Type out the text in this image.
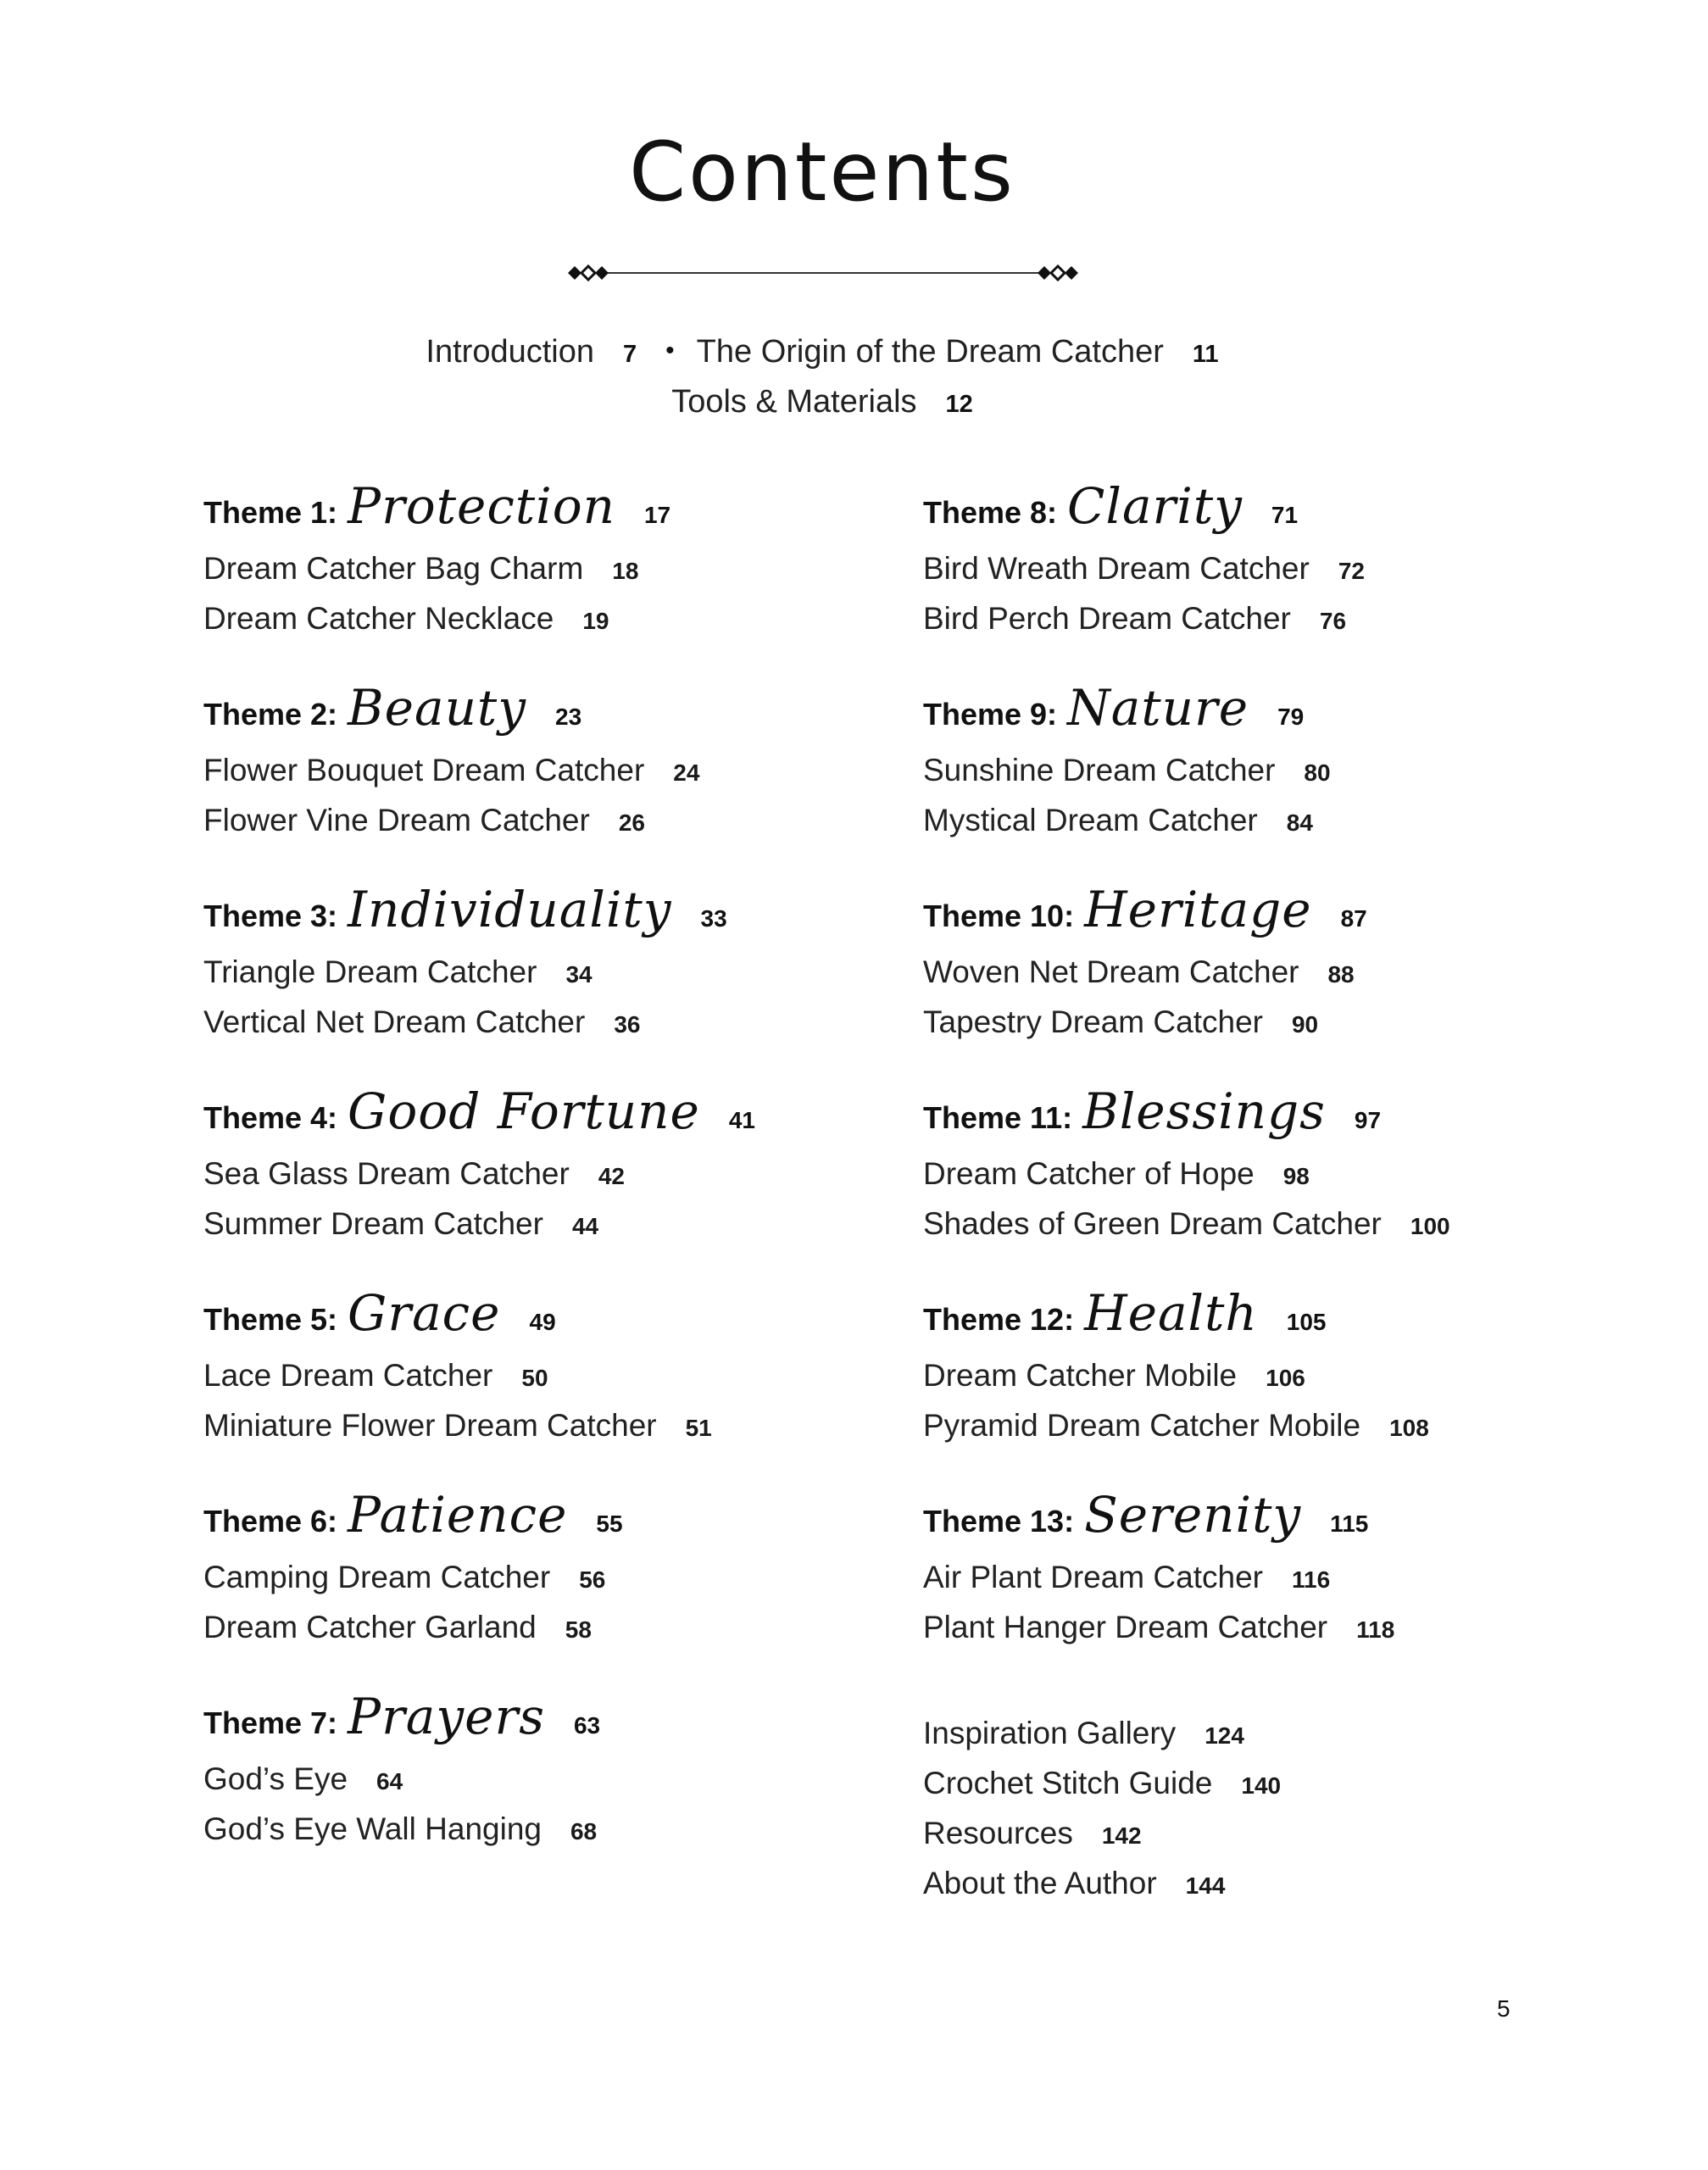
Contents
Introduction 7 • The Origin of the Dream Catcher 11
Tools & Materials 12
Theme 1: Protection 17
Dream Catcher Bag Charm 18
Dream Catcher Necklace 19
Theme 2: Beauty 23
Flower Bouquet Dream Catcher 24
Flower Vine Dream Catcher 26
Theme 3: Individuality 33
Triangle Dream Catcher 34
Vertical Net Dream Catcher 36
Theme 4: Good Fortune 41
Sea Glass Dream Catcher 42
Summer Dream Catcher 44
Theme 5: Grace 49
Lace Dream Catcher 50
Miniature Flower Dream Catcher 51
Theme 6: Patience 55
Camping Dream Catcher 56
Dream Catcher Garland 58
Theme 7: Prayers 63
God’s Eye 64
God’s Eye Wall Hanging 68
Theme 8: Clarity 71
Bird Wreath Dream Catcher 72
Bird Perch Dream Catcher 76
Theme 9: Nature 79
Sunshine Dream Catcher 80
Mystical Dream Catcher 84
Theme 10: Heritage 87
Woven Net Dream Catcher 88
Tapestry Dream Catcher 90
Theme 11: Blessings 97
Dream Catcher of Hope 98
Shades of Green Dream Catcher 100
Theme 12: Health 105
Dream Catcher Mobile 106
Pyramid Dream Catcher Mobile 108
Theme 13: Serenity 115
Air Plant Dream Catcher 116
Plant Hanger Dream Catcher 118
Inspiration Gallery 124
Crochet Stitch Guide 140
Resources 142
About the Author 144
5
